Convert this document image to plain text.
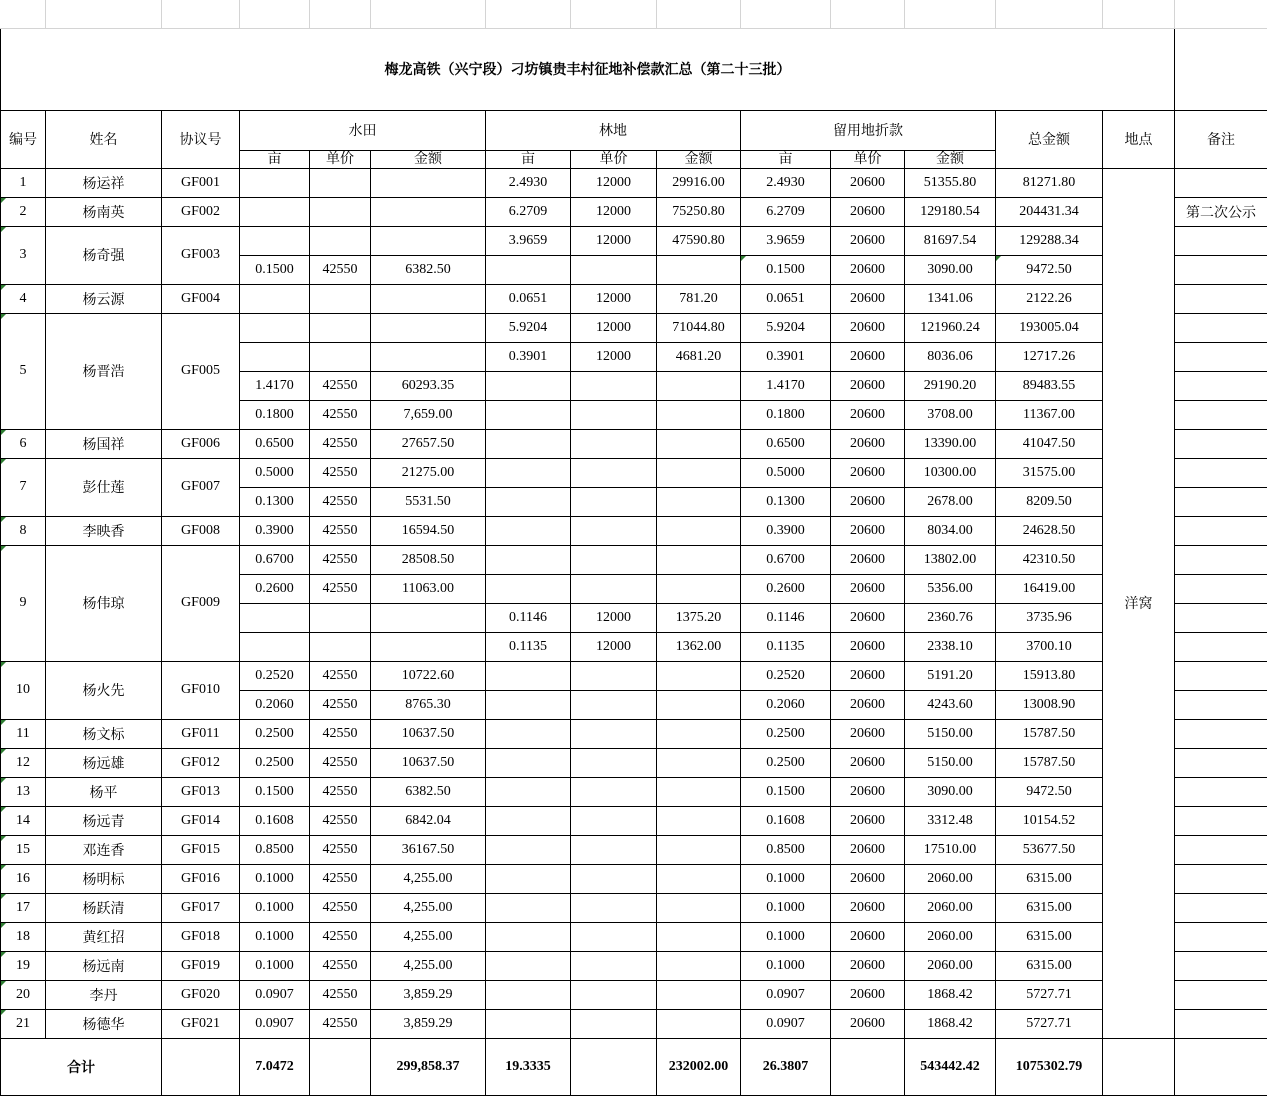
梅龙高铁（兴宁段）刁坊镇贵丰村征地补偿款汇总（第二十三批）														
编号	姓名	协议号	水田			林地			留用地折款			总金额	地点	备注
			亩	单价	金额	亩	单价	金额	亩	单价	金额			
1	杨运祥	GF001				2.4930	12000	29916.00	2.4930	20600	51355.80	81271.80	洋窝	
2	杨南英	GF002				6.2709	12000	75250.80	6.2709	20600	129180.54	204431.34		第二次公示
3	杨奇强	GF003				3.9659	12000	47590.80	3.9659	20600	81697.54	129288.34		
			0.1500	42550	6382.50				0.1500	20600	3090.00	9472.50		
4	杨云源	GF004				0.0651	12000	781.20	0.0651	20600	1341.06	2122.26		
5	杨晋浩	GF005				5.9204	12000	71044.80	5.9204	20600	121960.24	193005.04		
						0.3901	12000	4681.20	0.3901	20600	8036.06	12717.26		
			1.4170	42550	60293.35				1.4170	20600	29190.20	89483.55		
			0.1800	42550	7,659.00				0.1800	20600	3708.00	11367.00		
6	杨国祥	GF006	0.6500	42550	27657.50				0.6500	20600	13390.00	41047.50		
7	彭仕莲	GF007	0.5000	42550	21275.00				0.5000	20600	10300.00	31575.00		
			0.1300	42550	5531.50				0.1300	20600	2678.00	8209.50		
8	李映香	GF008	0.3900	42550	16594.50				0.3900	20600	8034.00	24628.50		
9	杨伟琼	GF009	0.6700	42550	28508.50				0.6700	20600	13802.00	42310.50		
			0.2600	42550	11063.00				0.2600	20600	5356.00	16419.00		
						0.1146	12000	1375.20	0.1146	20600	2360.76	3735.96		
						0.1135	12000	1362.00	0.1135	20600	2338.10	3700.10		
10	杨火先	GF010	0.2520	42550	10722.60				0.2520	20600	5191.20	15913.80		
			0.2060	42550	8765.30				0.2060	20600	4243.60	13008.90		
11	杨文标	GF011	0.2500	42550	10637.50				0.2500	20600	5150.00	15787.50		
12	杨远雄	GF012	0.2500	42550	10637.50				0.2500	20600	5150.00	15787.50		
13	杨平	GF013	0.1500	42550	6382.50				0.1500	20600	3090.00	9472.50		
14	杨远青	GF014	0.1608	42550	6842.04				0.1608	20600	3312.48	10154.52		
15	邓连香	GF015	0.8500	42550	36167.50				0.8500	20600	17510.00	53677.50		
16	杨明标	GF016	0.1000	42550	4,255.00				0.1000	20600	2060.00	6315.00		
17	杨跃清	GF017	0.1000	42550	4,255.00				0.1000	20600	2060.00	6315.00		
18	黄红招	GF018	0.1000	42550	4,255.00				0.1000	20600	2060.00	6315.00		
19	杨远南	GF019	0.1000	42550	4,255.00				0.1000	20600	2060.00	6315.00		
20	李丹	GF020	0.0907	42550	3,859.29				0.0907	20600	1868.42	5727.71		
21	杨德华	GF021	0.0907	42550	3,859.29				0.0907	20600	1868.42	5727.71		
合计			7.0472		299,858.37	19.3335		232002.00	26.3807		543442.42	1075302.79		
